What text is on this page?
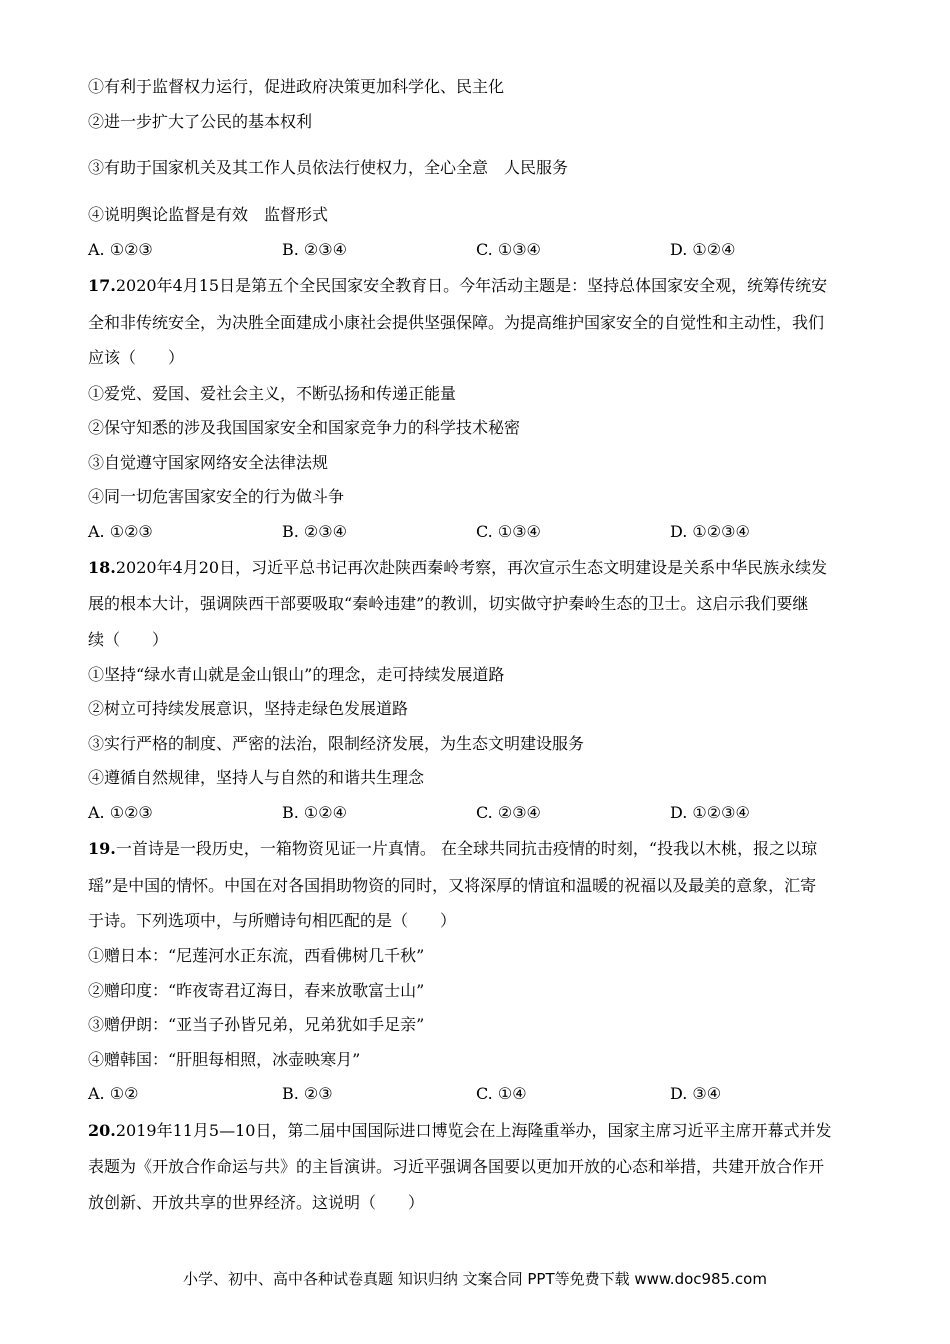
①有利于监督权力运行，促进政府决策更加科学化、民主化
②进一步扩大了公民的基本权利
③有助于国家机关及其工作人员依法行使权力，全心全意　人民服务
④说明舆论监督是有效　监督形式
A. ①②③	B. ②③④	C. ①③④	D. ①②④
17.2020年4月15日是第五个全民国家安全教育日。今年活动主题是：坚持总体国家安全观，统筹传统安
全和非传统安全，为决胜全面建成小康社会提供坚强保障。为提高维护国家安全的自觉性和主动性，我们
应该（　　）
①爱党、爱国、爱社会主义，不断弘扬和传递正能量
②保守知悉的涉及我国国家安全和国家竞争力的科学技术秘密
③自觉遵守国家网络安全法律法规
④同一切危害国家安全的行为做斗争
A. ①②③	B. ②③④	C. ①③④	D. ①②③④
18.2020年4月20日，习近平总书记再次赴陕西秦岭考察，再次宣示生态文明建设是关系中华民族永续发
展的根本大计，强调陕西干部要吸取“秦岭违建”的教训，切实做守护秦岭生态的卫士。这启示我们要继
续（　　）
①坚持“绿水青山就是金山银山”的理念，走可持续发展道路
②树立可持续发展意识，坚持走绿色发展道路
③实行严格的制度、严密的法治，限制经济发展，为生态文明建设服务
④遵循自然规律，坚持人与自然的和谐共生理念
A. ①②③	B. ①②④	C. ②③④	D. ①②③④
19.一首诗是一段历史，一箱物资见证一片真情。 在全球共同抗击疫情的时刻，“投我以木桃，报之以琼
瑶”是中国的情怀。中国在对各国捐助物资的同时，又将深厚的情谊和温暖的祝福以及最美的意象，汇寄
于诗。下列选项中，与所赠诗句相匹配的是（　　）
①赠日本：“尼莲河水正东流，西看佛树几千秋”
②赠印度：“昨夜寄君辽海日，春来放歌富士山”
③赠伊朗：“亚当子孙皆兄弟，兄弟犹如手足亲”
④赠韩国：“肝胆每相照，冰壶映寒月”
A. ①②	B. ②③	C. ①④	D. ③④
20.2019年11月5—10日，第二届中国国际进口博览会在上海隆重举办，国家主席习近平主席开幕式并发
表题为《开放合作命运与共》的主旨演讲。习近平强调各国要以更加开放的心态和举措，共建开放合作开
放创新、开放共享的世界经济。这说明（　　）
小学、初中、高中各种试卷真题 知识归纳 文案合同 PPT等免费下载 www.doc985.com
